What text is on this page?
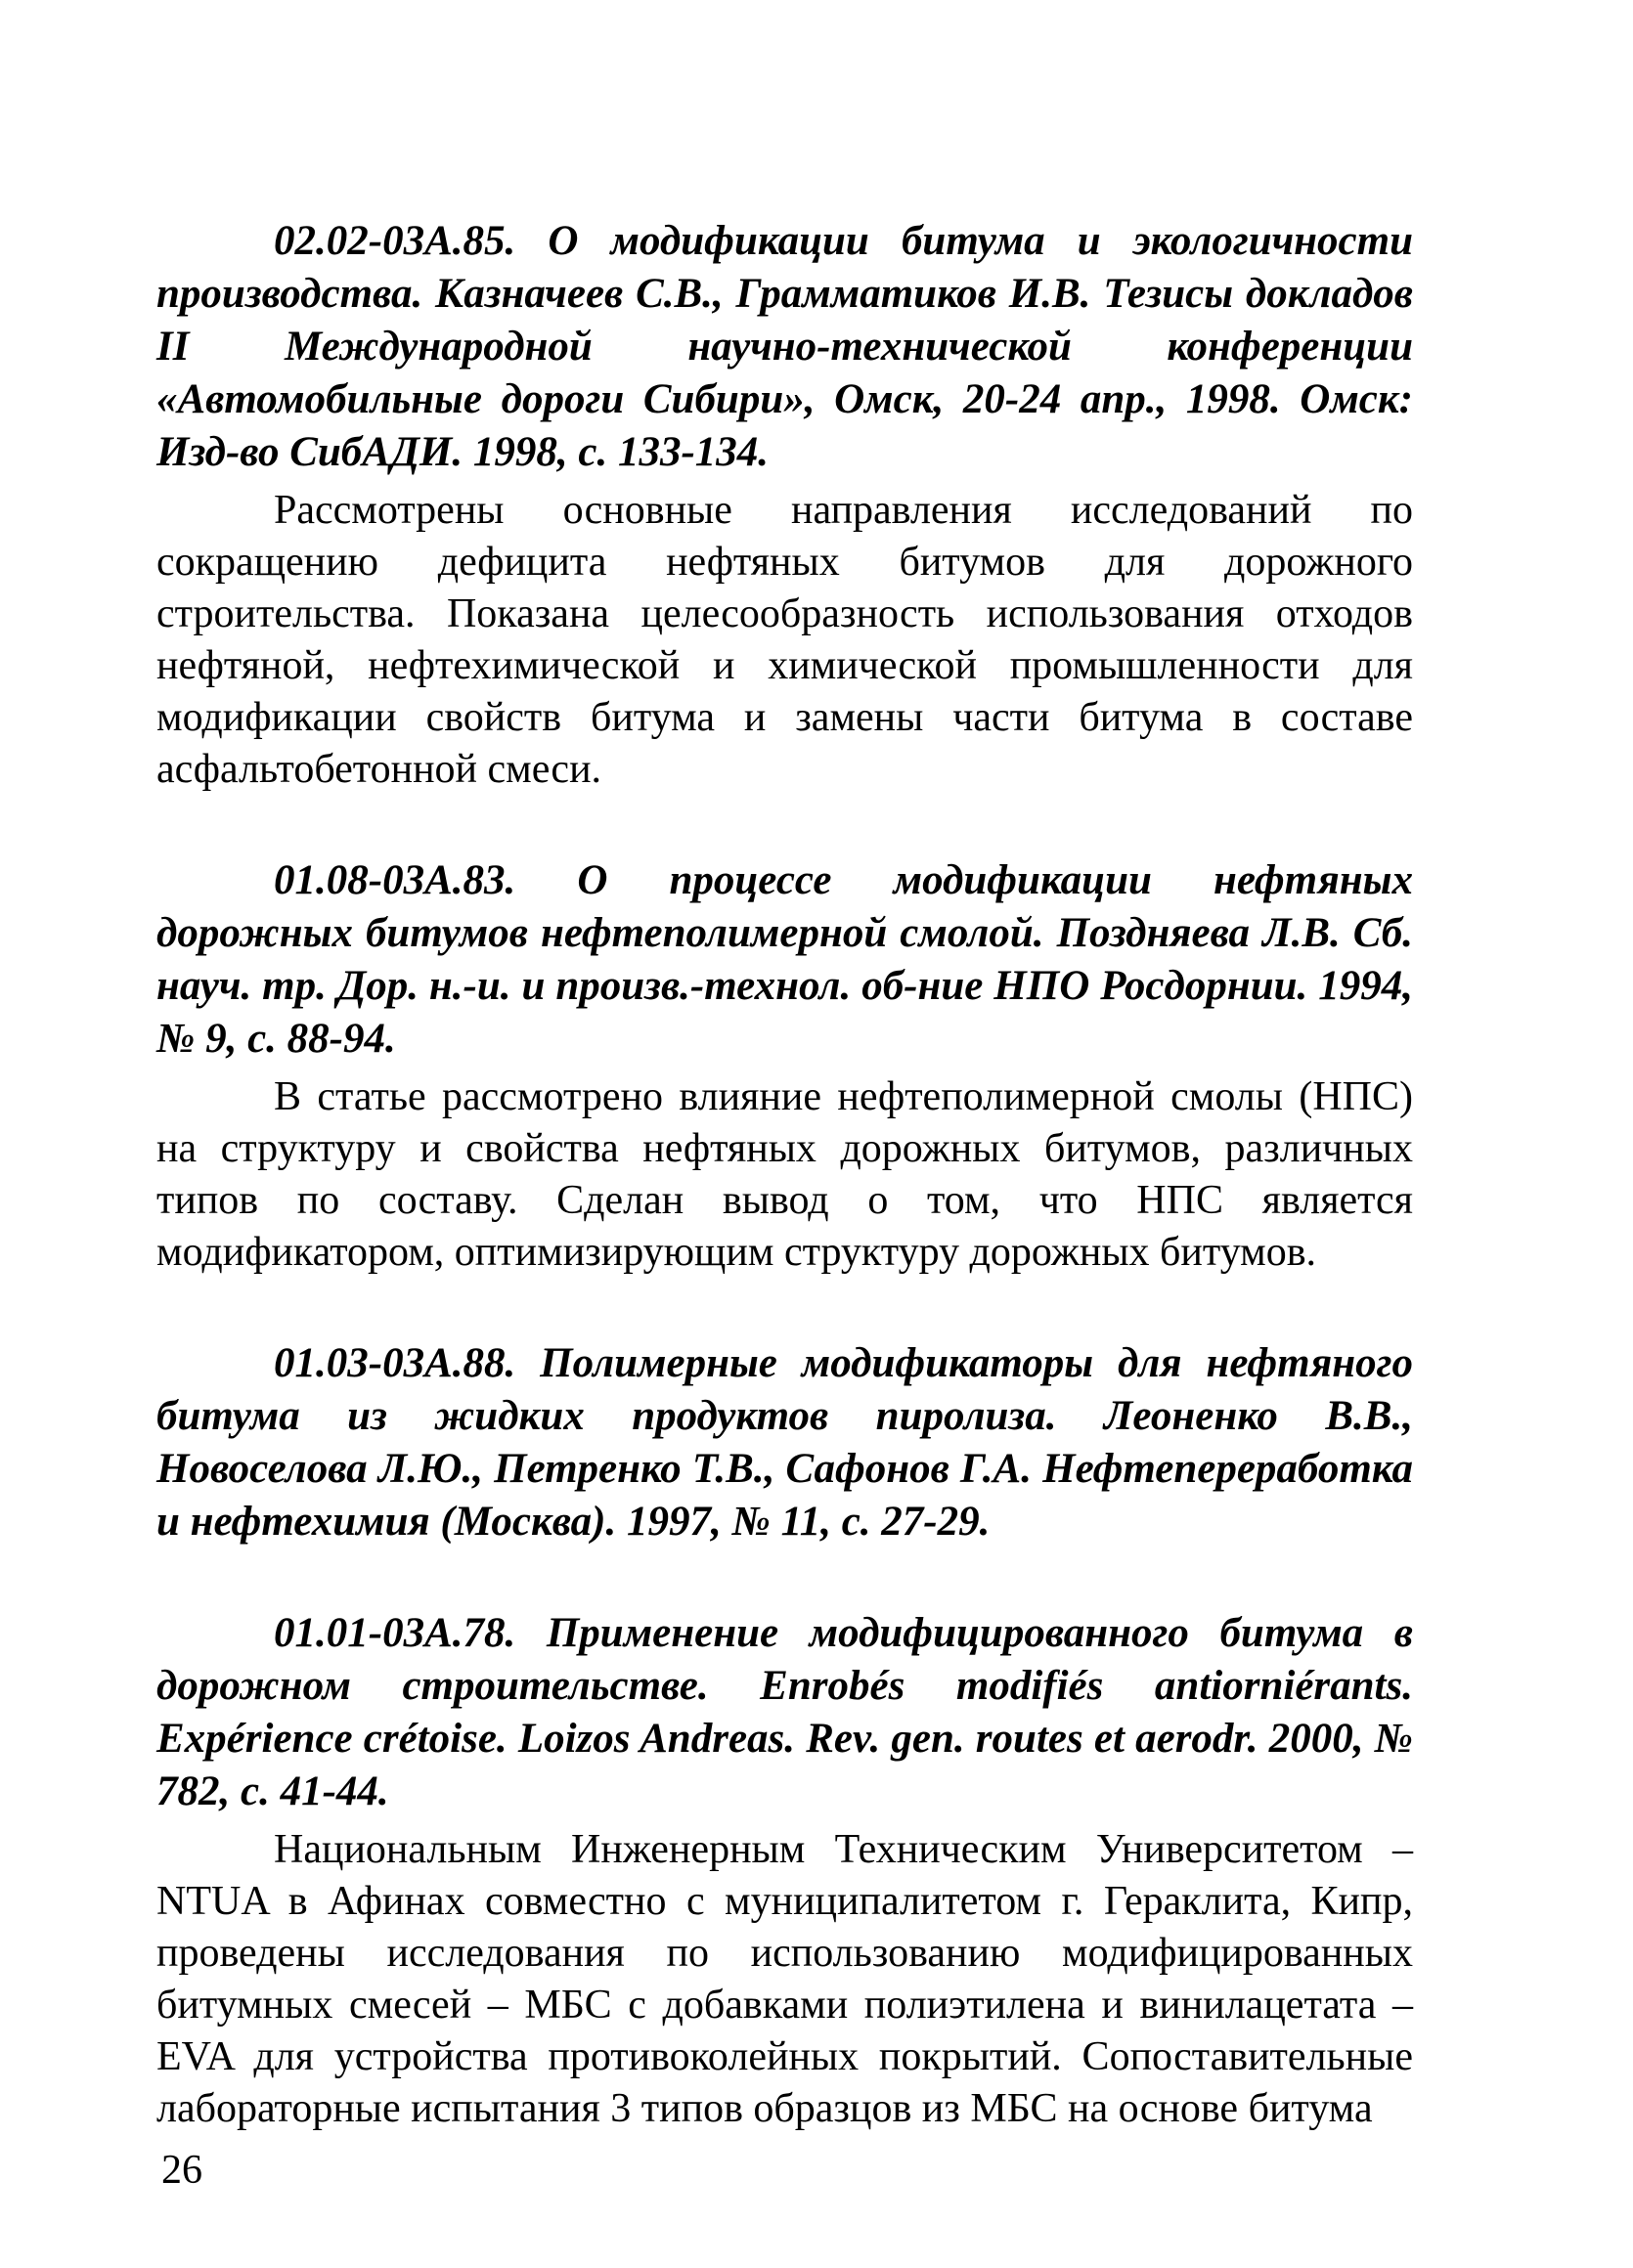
02.02-03А.85. О модификации битума и экологичности производства. Казначеев С.В., Грамматиков И.В. Тезисы докладов II Международной научно-технической конференции «Автомобильные дороги Сибири», Омск, 20-24 апр., 1998. Омск: Изд-во СибАДИ. 1998, с. 133-134.

Рассмотрены основные направления исследований по сокращению дефицита нефтяных битумов для дорожного строительства. Показана целесообразность использования отходов нефтяной, нефтехимической и химической промышленности для модификации свойств битума и замены части битума в составе асфальтобетонной смеси.

01.08-03А.83. О процессе модификации нефтяных дорожных битумов нефтеполимерной смолой. Поздняева Л.В. Сб. науч. тр. Дор. н.-и. и произв.-технол. об-ние НПО Росдорнии. 1994, № 9, с. 88-94.

В статье рассмотрено влияние нефтеполимерной смолы (НПС) на структуру и свойства нефтяных дорожных битумов, различных типов по составу. Сделан вывод о том, что НПС является модификатором, оптимизирующим структуру дорожных битумов.

01.03-03А.88. Полимерные модификаторы для нефтяного битума из жидких продуктов пиролиза. Леоненко В.В., Новоселова Л.Ю., Петренко Т.В., Сафонов Г.А. Нефтепереработка и нефтехимия (Москва). 1997, № 11, с. 27-29.

01.01-03А.78. Применение модифицированного битума в дорожном строительстве. Enrobés modifiés antiorniérants. Expérience crétoise. Loizos Andreas. Rev. gen. routes et aerodr. 2000, № 782, с. 41-44.

Национальным Инженерным Техническим Университетом – NTUA в Афинах совместно с муниципалитетом г. Гераклита, Кипр, проведены исследования по использованию модифицированных битумных смесей – МБС с добавками полиэтилена и винилацетата – EVA для устройства противоколейных покрытий. Сопоставительные лабораторные испытания 3 типов образцов из МБС на основе битума

26
